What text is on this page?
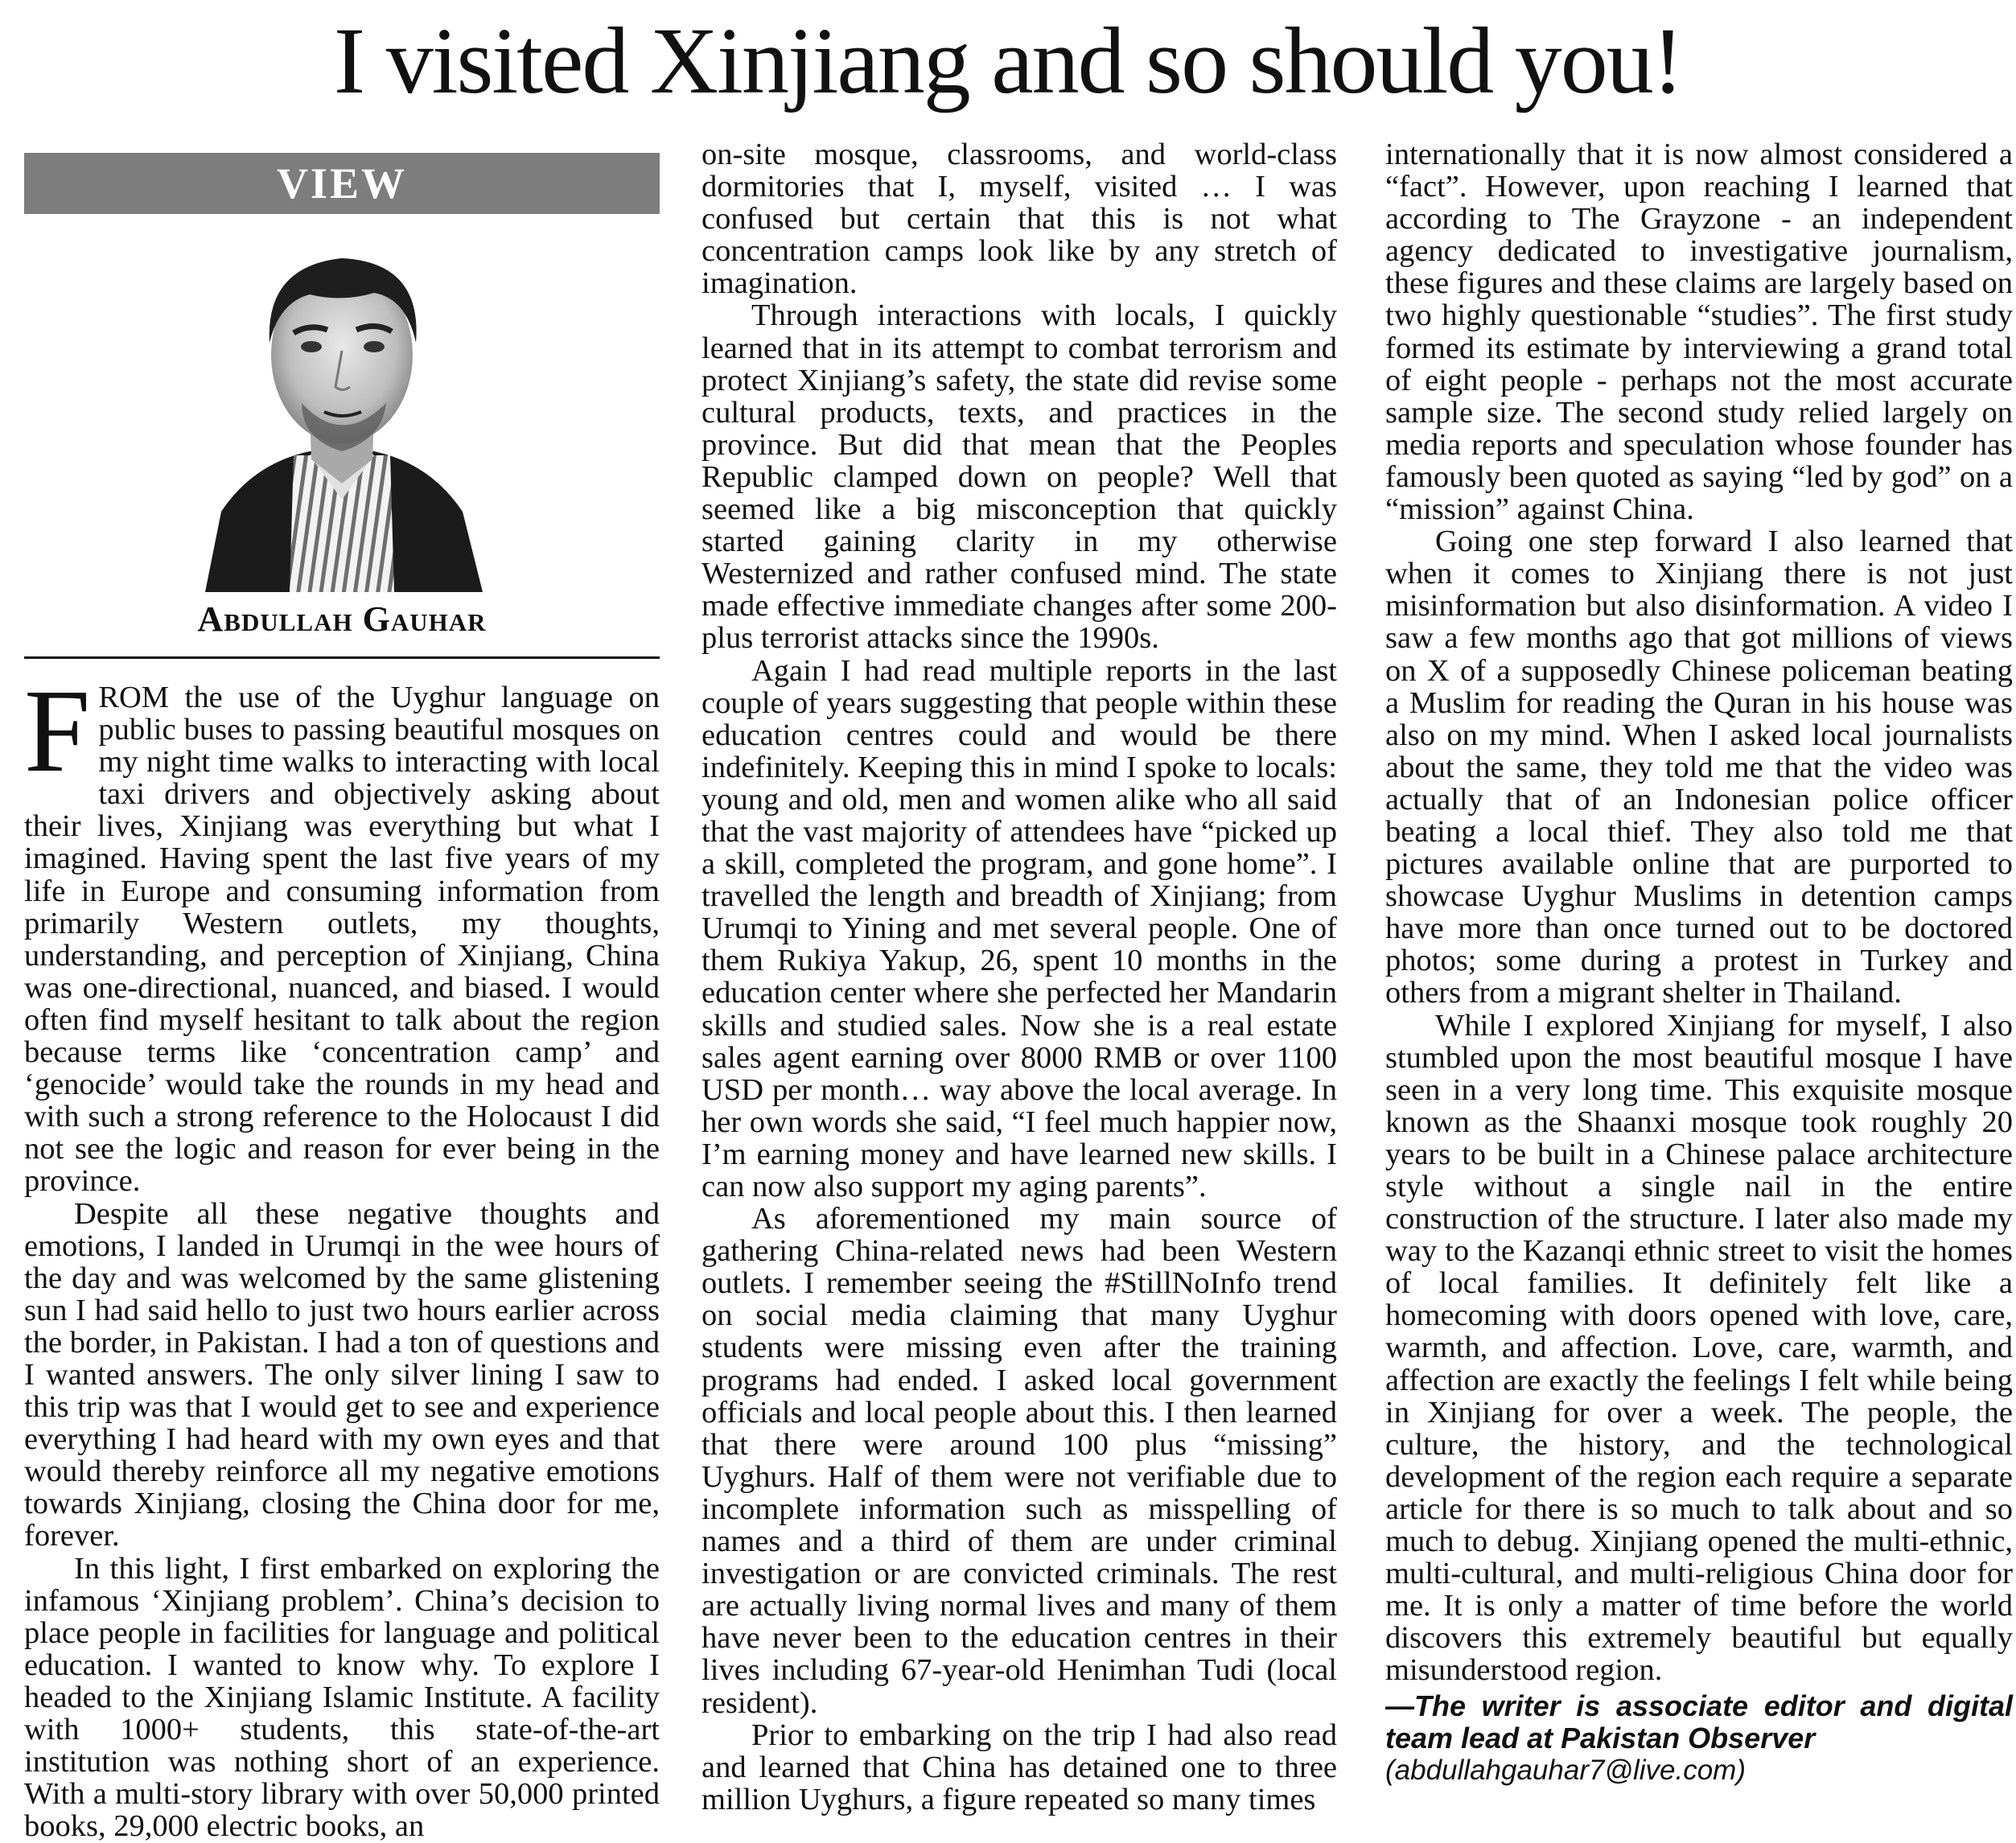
I visited Xinjiang and so should you!
VIEW
Abdullah Gauhar

FROM the use of the Uyghur language on public buses to passing beautiful mosques on my night time walks to interacting with local taxi drivers and objectively asking about their lives, Xinjiang was everything but what I imagined. Having spent the last five years of my life in Europe and consuming information from primarily Western outlets, my thoughts, understanding, and perception of Xinjiang, China was one-directional, nuanced, and biased. I would often find myself hesitant to talk about the region because terms like ‘concentration camp’ and ‘genocide’ would take the rounds in my head and with such a strong reference to the Holocaust I did not see the logic and reason for ever being in the province.

Despite all these negative thoughts and emotions, I landed in Urumqi in the wee hours of the day and was welcomed by the same glistening sun I had said hello to just two hours earlier across the border, in Pakistan. I had a ton of questions and I wanted answers. The only silver lining I saw to this trip was that I would get to see and experience everything I had heard with my own eyes and that would thereby reinforce all my negative emotions towards Xinjiang, closing the China door for me, forever.

In this light, I first embarked on exploring the infamous ‘Xinjiang problem’. China’s decision to place people in facilities for language and political education. I wanted to know why. To explore I headed to the Xinjiang Islamic Institute. A facility with 1000+ students, this state-of-the-art institution was nothing short of an experience. With a multi-story library with over 50,000 printed books, 29,000 electric books, an

on-site mosque, classrooms, and world-class dormitories that I, myself, visited … I was confused but certain that this is not what concentration camps look like by any stretch of imagination.

Through interactions with locals, I quickly learned that in its attempt to combat terrorism and protect Xinjiang’s safety, the state did revise some cultural products, texts, and practices in the province. But did that mean that the Peoples Republic clamped down on people? Well that seemed like a big misconception that quickly started gaining clarity in my otherwise Westernized and rather confused mind. The state made effective immediate changes after some 200-plus terrorist attacks since the 1990s.

Again I had read multiple reports in the last couple of years suggesting that people within these education centres could and would be there indefinitely. Keeping this in mind I spoke to locals: young and old, men and women alike who all said that the vast majority of attendees have “picked up a skill, completed the program, and gone home”. I travelled the length and breadth of Xinjiang; from Urumqi to Yining and met several people. One of them Rukiya Yakup, 26, spent 10 months in the education center where she perfected her Mandarin skills and studied sales. Now she is a real estate sales agent earning over 8000 RMB or over 1100 USD per month… way above the local average. In her own words she said, “I feel much happier now, I’m earning money and have learned new skills. I can now also support my aging parents”.

As aforementioned my main source of gathering China-related news had been Western outlets. I remember seeing the #StillNoInfo trend on social media claiming that many Uyghur students were missing even after the training programs had ended. I asked local government officials and local people about this. I then learned that there were around 100 plus “missing” Uyghurs. Half of them were not verifiable due to incomplete information such as misspelling of names and a third of them are under criminal investigation or are convicted criminals. The rest are actually living normal lives and many of them have never been to the education centres in their lives including 67-year-old Henimhan Tudi (local resident).

Prior to embarking on the trip I had also read and learned that China has detained one to three million Uyghurs, a figure repeated so many times

internationally that it is now almost considered a “fact”. However, upon reaching I learned that according to The Grayzone - an independent agency dedicated to investigative journalism, these figures and these claims are largely based on two highly questionable “studies”. The first study formed its estimate by interviewing a grand total of eight people - perhaps not the most accurate sample size. The second study relied largely on media reports and speculation whose founder has famously been quoted as saying “led by god” on a “mission” against China.

Going one step forward I also learned that when it comes to Xinjiang there is not just misinformation but also disinformation. A video I saw a few months ago that got millions of views on X of a supposedly Chinese policeman beating a Muslim for reading the Quran in his house was also on my mind. When I asked local journalists about the same, they told me that the video was actually that of an Indonesian police officer beating a local thief. They also told me that pictures available online that are purported to showcase Uyghur Muslims in detention camps have more than once turned out to be doctored photos; some during a protest in Turkey and others from a migrant shelter in Thailand.

While I explored Xinjiang for myself, I also stumbled upon the most beautiful mosque I have seen in a very long time. This exquisite mosque known as the Shaanxi mosque took roughly 20 years to be built in a Chinese palace architecture style without a single nail in the entire construction of the structure. I later also made my way to the Kazanqi ethnic street to visit the homes of local families. It definitely felt like a homecoming with doors opened with love, care, warmth, and affection. Love, care, warmth, and affection are exactly the feelings I felt while being in Xinjiang for over a week. The people, the culture, the history, and the technological development of the region each require a separate article for there is so much to talk about and so much to debug. Xinjiang opened the multi-ethnic, multi-cultural, and multi-religious China door for me. It is only a matter of time before the world discovers this extremely beautiful but equally misunderstood region.

—The writer is associate editor and digital team lead at Pakistan Observer
(abdullahgauhar7@live.com)
